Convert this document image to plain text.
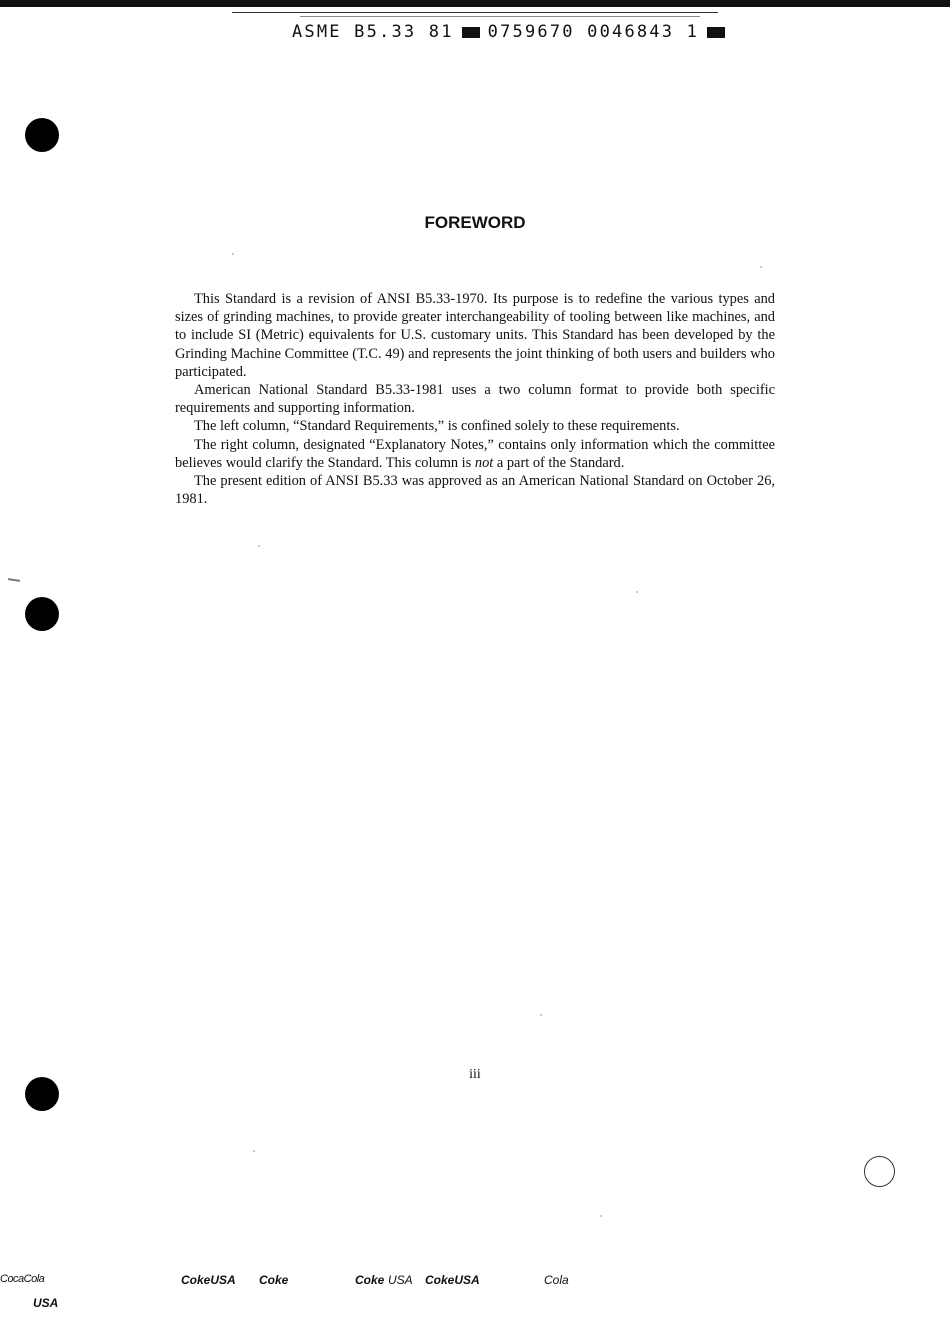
ASME B5.33 81 0759670 0046843 1
FOREWORD

This Standard is a revision of ANSI B5.33-1970. Its purpose is to redefine the various types and sizes of grinding machines, to provide greater interchangeability of tooling between like machines, and to include SI (Metric) equivalents for U.S. customary units. This Standard has been developed by the Grinding Machine Committee (T.C. 49) and represents the joint thinking of both users and builders who participated.

American National Standard B5.33-1981 uses a two column format to provide both specific requirements and supporting information.

The left column, “Standard Requirements,” is confined solely to these requirements.

The right column, designated “Explanatory Notes,” contains only information which the committee believes would clarify the Standard. This column is not a part of the Standard.

The present edition of ANSI B5.33 was approved as an American National Standard on October 26, 1981.

iii
CocaCola
USA
CokeUSA Coke	Coke USA CokeUSA	Cola
